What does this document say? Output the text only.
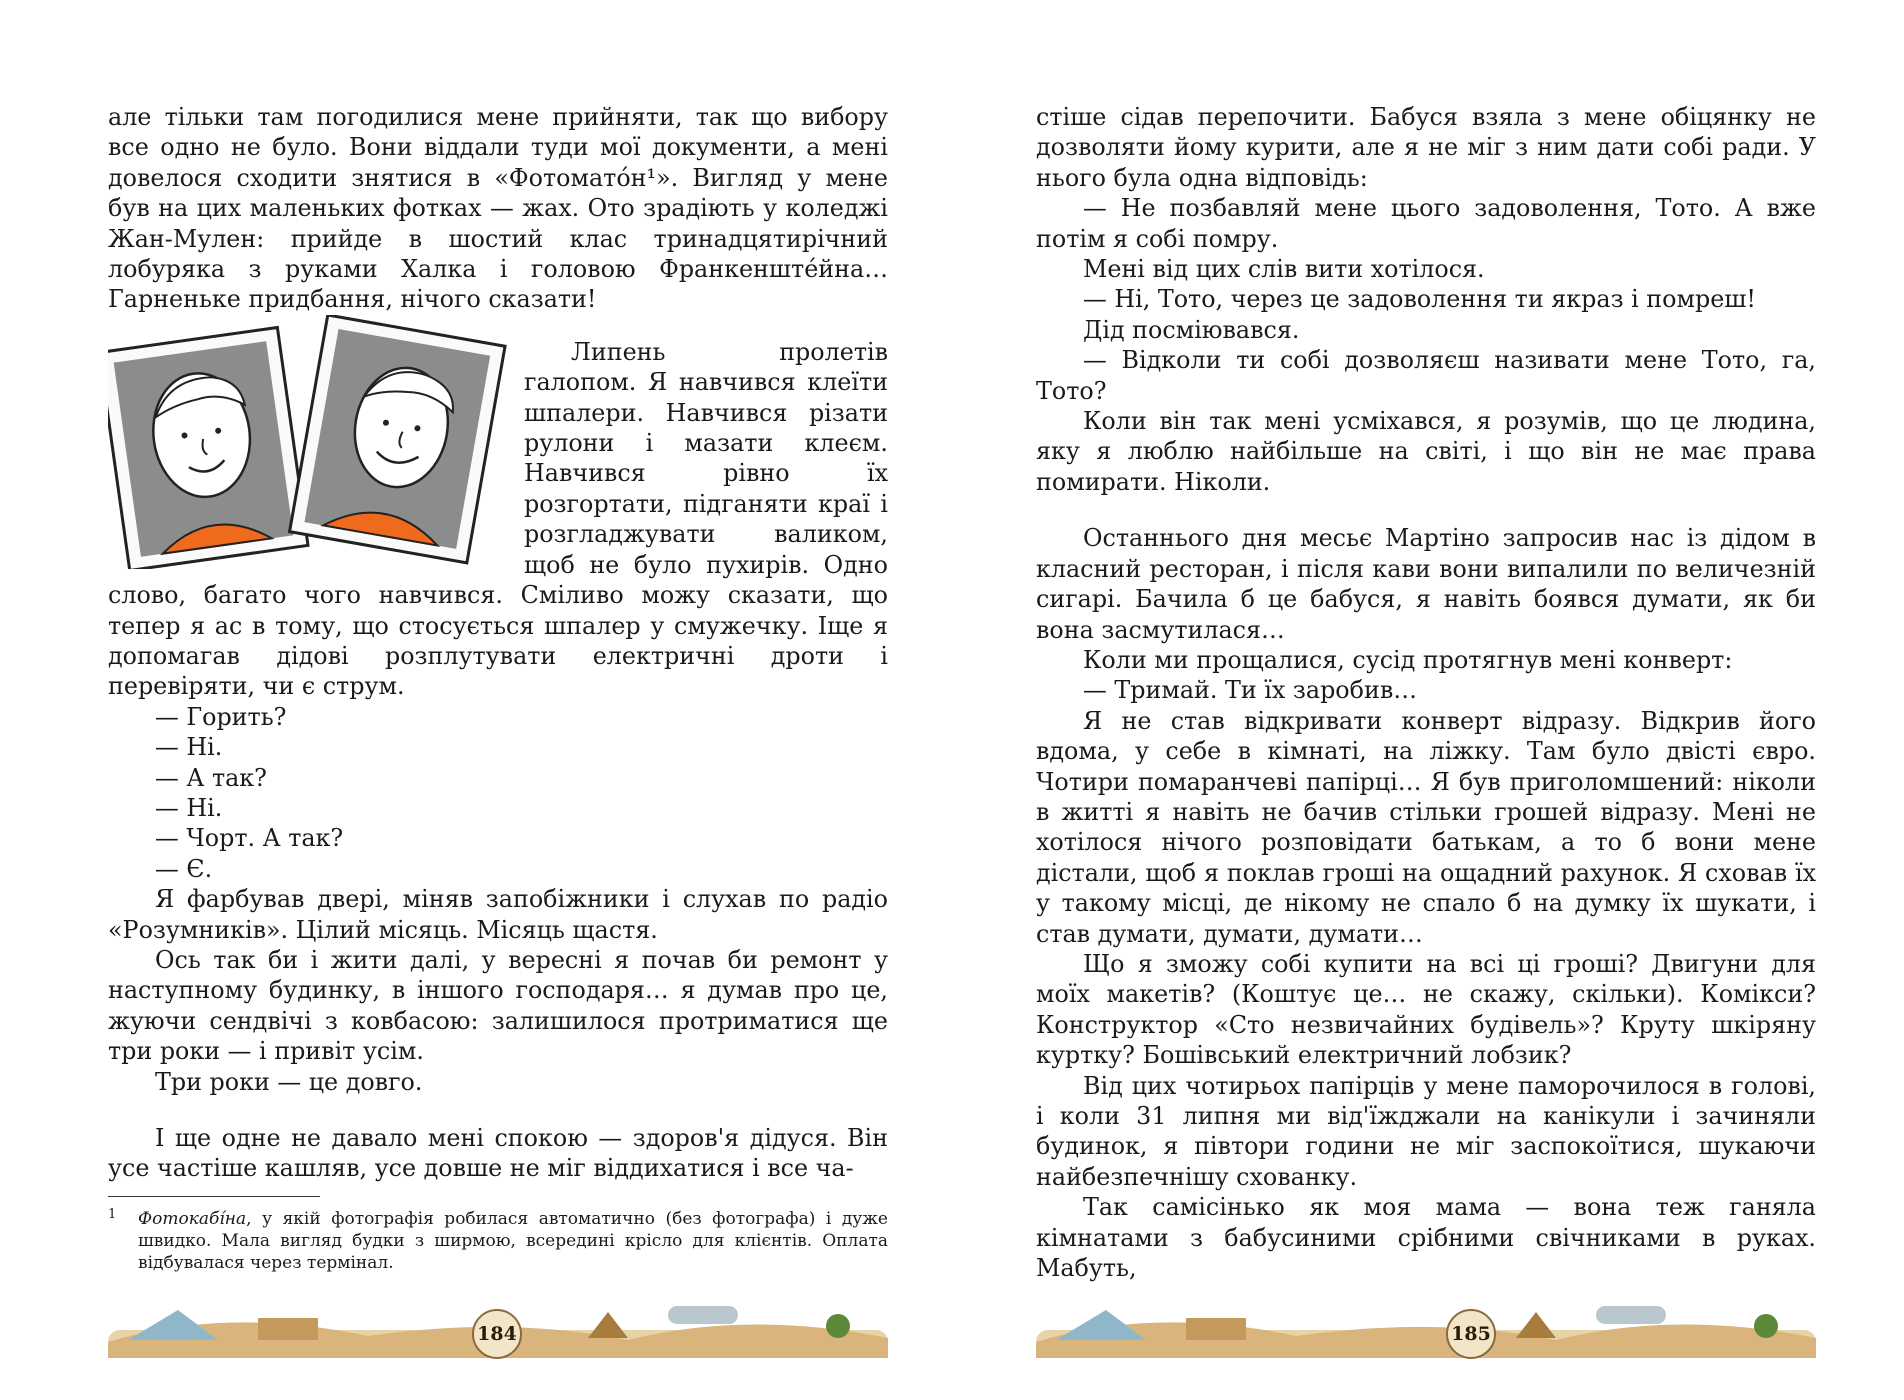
але тільки там погодилися мене прийняти, так що вибору все одно не було. Вони віддали туди мої документи, а мені довелося сходити знятися в «Фотомато́н¹». Вигляд у мене був на цих маленьких фотках — жах. Ото зрадіють у коледжі Жан-Мулен: прийде в шостий клас тринадцятирічний лобуряка з руками Халка і головою Франкенште́йна… Гарненьке придбання, нічого сказати!

Липень пролетів галопом. Я навчився клеїти шпалери. Навчився різати рулони і мазати клеєм. Навчився рівно їх розгортати, підганяти краї і розгладжувати валиком, щоб не було пухирів. Одно слово, багато чого навчився. Сміливо можу сказати, що тепер я ас в тому, що стосується шпалер у смужечку. Іще я допомагав дідові розплутувати електричні дроти і перевіряти, чи є струм.

— Горить?

— Ні.

— А так?

— Ні.

— Чорт. А так?

— Є.

Я фарбував двері, міняв запобіжники і слухав по радіо «Розумників». Цілий місяць. Місяць щастя.

Ось так би і жити далі, у вересні я почав би ремонт у наступному будинку, в іншого господаря… я думав про це, жуючи сендвічі з ковбасою: залишилося протриматися ще три роки — і привіт усім.

Три роки — це довго.

І ще одне не давало мені спокою — здоров'я дідуся. Він усе частіше кашляв, усе довше не міг віддихатися і все ча-

1	Фотокабі́на, у якій фотографія робилася автоматично (без фотографа) і дуже швидко. Мала вигляд будки з ширмою, всередині крісло для клієнтів. Оплата відбувалася через термінал.
184

стіше сідав перепочити. Бабуся взяла з мене обіцянку не дозволяти йому курити, але я не міг з ним дати собі ради. У нього була одна відповідь:

— Не позбавляй мене цього задоволення, Тото. А вже потім я собі помру.

Мені від цих слів вити хотілося.

— Ні, Тото, через це задоволення ти якраз і помреш!

Дід посміювався.

— Відколи ти собі дозволяєш називати мене Тото, га, Тото?

Коли він так мені усміхався, я розумів, що це людина, яку я люблю найбільше на світі, і що він не має права помирати. Ніколи.

Останнього дня месьє Мартіно запросив нас із дідом в класний ресторан, і після кави вони випалили по величезній сигарі. Бачила б це бабуся, я навіть боявся думати, як би вона засмутилася…

Коли ми прощалися, сусід протягнув мені конверт:

— Тримай. Ти їх заробив…

Я не став відкривати конверт відразу. Відкрив його вдома, у себе в кімнаті, на ліжку. Там було двісті євро. Чотири помаранчеві папірці… Я був приголомшений: ніколи в житті я навіть не бачив стільки грошей відразу. Мені не хотілося нічого розповідати батькам, а то б вони мене дістали, щоб я поклав гроші на ощадний рахунок. Я сховав їх у такому місці, де нікому не спало б на думку їх шукати, і став думати, думати, думати…

Що я зможу собі купити на всі ці гроші? Двигуни для моїх макетів? (Коштує це… не скажу, скільки). Комікси? Конструктор «Сто незвичайних будівель»? Круту шкіряну куртку? Бошівський електричний лобзик?

Від цих чотирьох папірців у мене паморочилося в голові, і коли 31 липня ми від'їжджали на канікули і зачиняли будинок, я півтори години не міг заспокоїтися, шукаючи найбезпечнішу схованку.

Так самісінько як моя мама — вона теж ганяла кімнатами з бабусиними срібними свічниками в руках. Мабуть,

185
